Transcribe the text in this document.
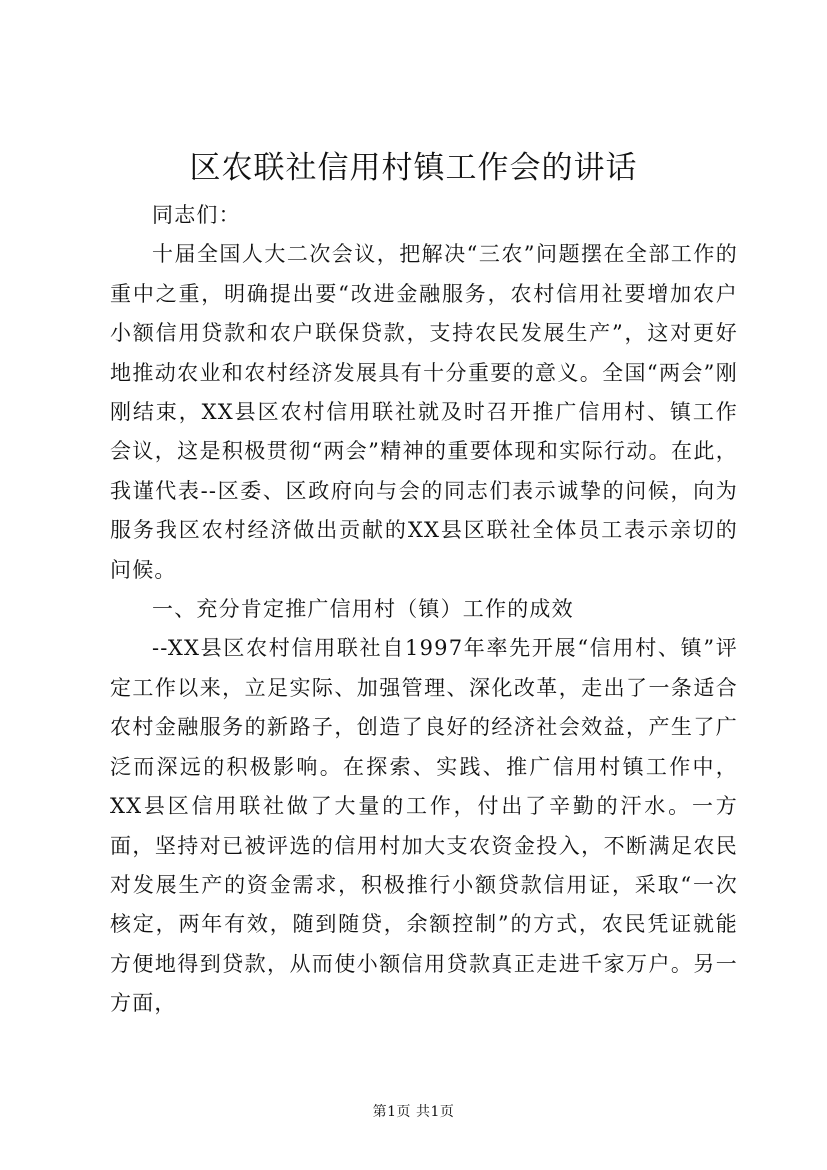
区农联社信用村镇工作会的讲话

同志们：

十届全国人大二次会议，把解决“三农”问题摆在全部工作的重中之重，明确提出要“改进金融服务，农村信用社要增加农户小额信用贷款和农户联保贷款，支持农民发展生产”，这对更好地推动农业和农村经济发展具有十分重要的意义。全国“两会”刚刚结束，XX县区农村信用联社就及时召开推广信用村、镇工作会议，这是积极贯彻“两会”精神的重要体现和实际行动。在此，我谨代表--区委、区政府向与会的同志们表示诚挚的问候，向为服务我区农村经济做出贡献的XX县区联社全体员工表示亲切的问候。

一、充分肯定推广信用村（镇）工作的成效

--XX县区农村信用联社自1997年率先开展“信用村、镇”评定工作以来，立足实际、加强管理、深化改革，走出了一条适合农村金融服务的新路子，创造了良好的经济社会效益，产生了广泛而深远的积极影响。在探索、实践、推广信用村镇工作中，XX县区信用联社做了大量的工作，付出了辛勤的汗水。一方面，坚持对已被评选的信用村加大支农资金投入，不断满足农民对发展生产的资金需求，积极推行小额贷款信用证，采取“一次核定，两年有效，随到随贷，余额控制”的方式，农民凭证就能方便地得到贷款，从而使小额信用贷款真正走进千家万户。另一方面，

第1页 共1页
